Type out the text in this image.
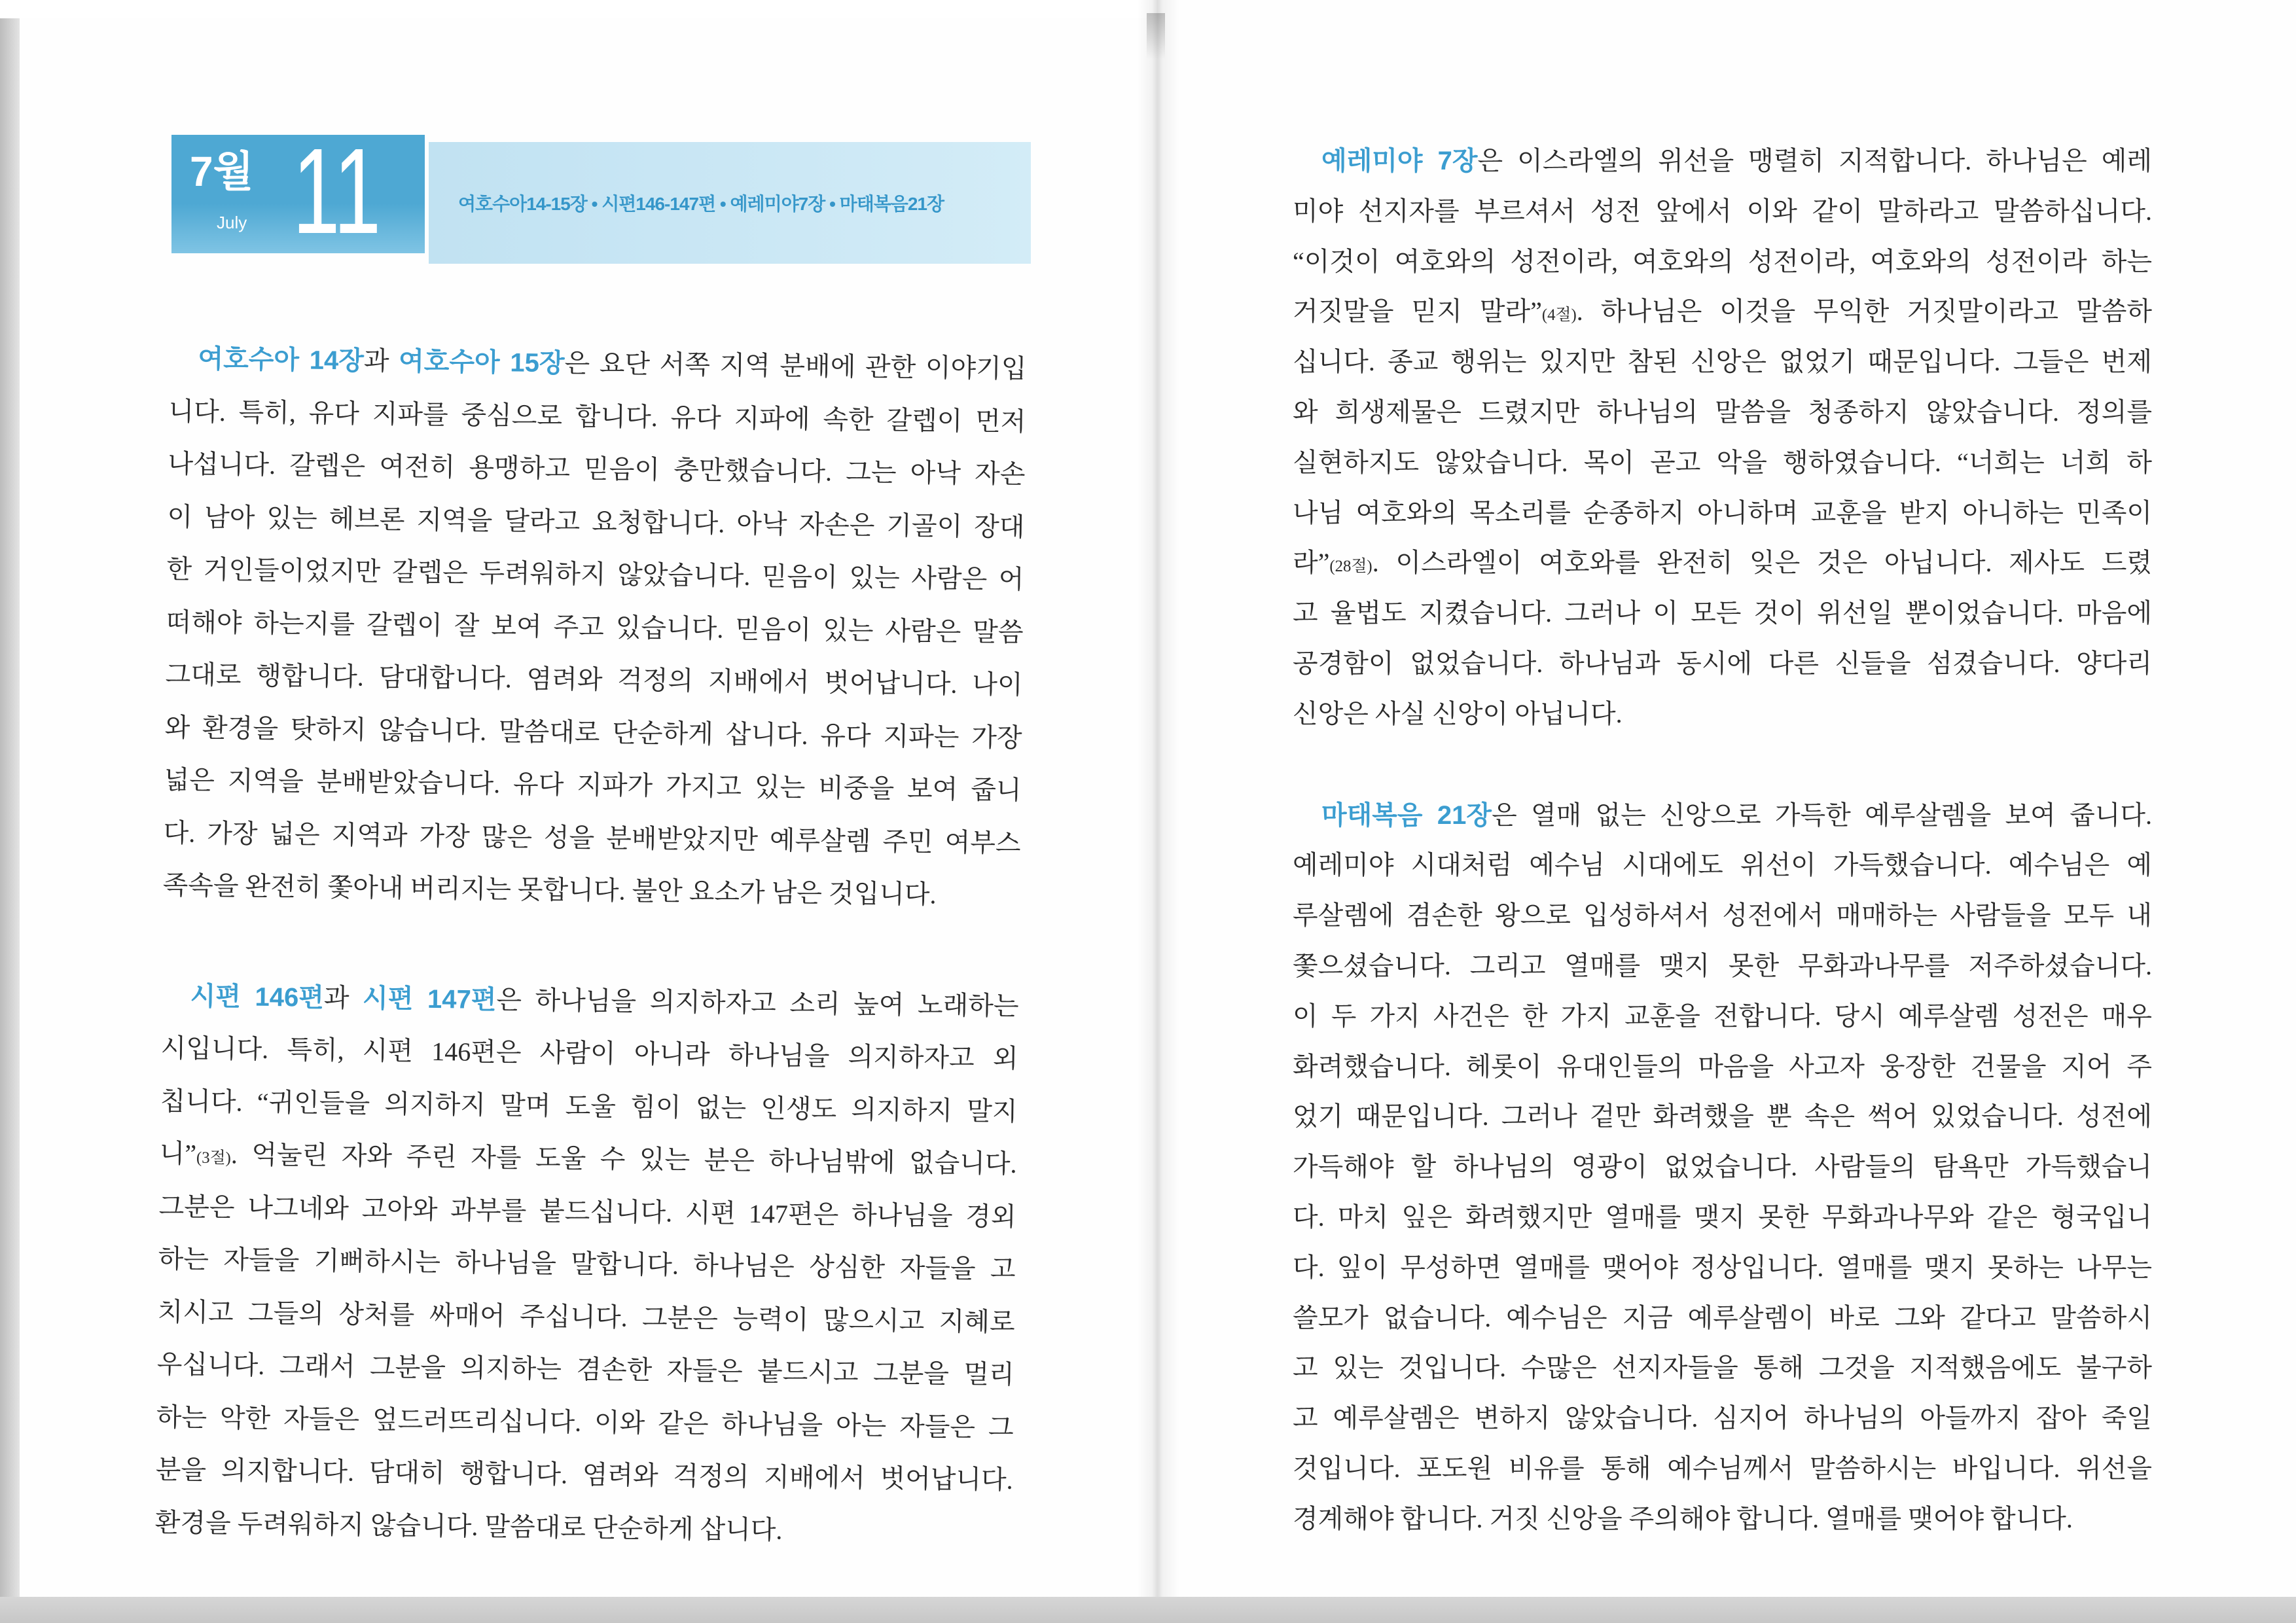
7월
July 11	여호수아14-15장 • 시편146-147편 • 예레미야7장 • 마태복음21장
여호수아 14장과 여호수아 15장은 요단 서쪽 지역 분배에 관한 이야기입
니다. 특히, 유다 지파를 중심으로 합니다. 유다 지파에 속한 갈렙이 먼저
나섭니다. 갈렙은 여전히 용맹하고 믿음이 충만했습니다. 그는 아낙 자손
이 남아 있는 헤브론 지역을 달라고 요청합니다. 아낙 자손은 기골이 장대
한 거인들이었지만 갈렙은 두려워하지 않았습니다. 믿음이 있는 사람은 어
떠해야 하는지를 갈렙이 잘 보여 주고 있습니다. 믿음이 있는 사람은 말씀
그대로 행합니다. 담대합니다. 염려와 걱정의 지배에서 벗어납니다. 나이
와 환경을 탓하지 않습니다. 말씀대로 단순하게 삽니다. 유다 지파는 가장
넓은 지역을 분배받았습니다. 유다 지파가 가지고 있는 비중을 보여 줍니
다. 가장 넓은 지역과 가장 많은 성을 분배받았지만 예루살렘 주민 여부스
족속을 완전히 쫓아내 버리지는 못합니다. 불안 요소가 남은 것입니다.
시편 146편과 시편 147편은 하나님을 의지하자고 소리 높여 노래하는
시입니다. 특히, 시편 146편은 사람이 아니라 하나님을 의지하자고 외
칩니다. “귀인들을 의지하지 말며 도울 힘이 없는 인생도 의지하지 말지
니”(3절). 억눌린 자와 주린 자를 도울 수 있는 분은 하나님밖에 없습니다.
그분은 나그네와 고아와 과부를 붙드십니다. 시편 147편은 하나님을 경외
하는 자들을 기뻐하시는 하나님을 말합니다. 하나님은 상심한 자들을 고
치시고 그들의 상처를 싸매어 주십니다. 그분은 능력이 많으시고 지혜로
우십니다. 그래서 그분을 의지하는 겸손한 자들은 붙드시고 그분을 멀리
하는 악한 자들은 엎드러뜨리십니다. 이와 같은 하나님을 아는 자들은 그
분을 의지합니다. 담대히 행합니다. 염려와 걱정의 지배에서 벗어납니다.
환경을 두려워하지 않습니다. 말씀대로 단순하게 삽니다.
예레미야 7장은 이스라엘의 위선을 맹렬히 지적합니다. 하나님은 예레
미야 선지자를 부르셔서 성전 앞에서 이와 같이 말하라고 말씀하십니다.
“이것이 여호와의 성전이라, 여호와의 성전이라, 여호와의 성전이라 하는
거짓말을 믿지 말라”(4절). 하나님은 이것을 무익한 거짓말이라고 말씀하
십니다. 종교 행위는 있지만 참된 신앙은 없었기 때문입니다. 그들은 번제
와 희생제물은 드렸지만 하나님의 말씀을 청종하지 않았습니다. 정의를
실현하지도 않았습니다. 목이 곧고 악을 행하였습니다. “너희는 너희 하
나님 여호와의 목소리를 순종하지 아니하며 교훈을 받지 아니하는 민족이
라”(28절). 이스라엘이 여호와를 완전히 잊은 것은 아닙니다. 제사도 드렸
고 율법도 지켰습니다. 그러나 이 모든 것이 위선일 뿐이었습니다. 마음에
공경함이 없었습니다. 하나님과 동시에 다른 신들을 섬겼습니다. 양다리
신앙은 사실 신앙이 아닙니다.
마태복음 21장은 열매 없는 신앙으로 가득한 예루살렘을 보여 줍니다.
예레미야 시대처럼 예수님 시대에도 위선이 가득했습니다. 예수님은 예
루살렘에 겸손한 왕으로 입성하셔서 성전에서 매매하는 사람들을 모두 내
쫓으셨습니다. 그리고 열매를 맺지 못한 무화과나무를 저주하셨습니다.
이 두 가지 사건은 한 가지 교훈을 전합니다. 당시 예루살렘 성전은 매우
화려했습니다. 헤롯이 유대인들의 마음을 사고자 웅장한 건물을 지어 주
었기 때문입니다. 그러나 겉만 화려했을 뿐 속은 썩어 있었습니다. 성전에
가득해야 할 하나님의 영광이 없었습니다. 사람들의 탐욕만 가득했습니
다. 마치 잎은 화려했지만 열매를 맺지 못한 무화과나무와 같은 형국입니
다. 잎이 무성하면 열매를 맺어야 정상입니다. 열매를 맺지 못하는 나무는
쓸모가 없습니다. 예수님은 지금 예루살렘이 바로 그와 같다고 말씀하시
고 있는 것입니다. 수많은 선지자들을 통해 그것을 지적했음에도 불구하
고 예루살렘은 변하지 않았습니다. 심지어 하나님의 아들까지 잡아 죽일
것입니다. 포도원 비유를 통해 예수님께서 말씀하시는 바입니다. 위선을
경계해야 합니다. 거짓 신앙을 주의해야 합니다. 열매를 맺어야 합니다.
